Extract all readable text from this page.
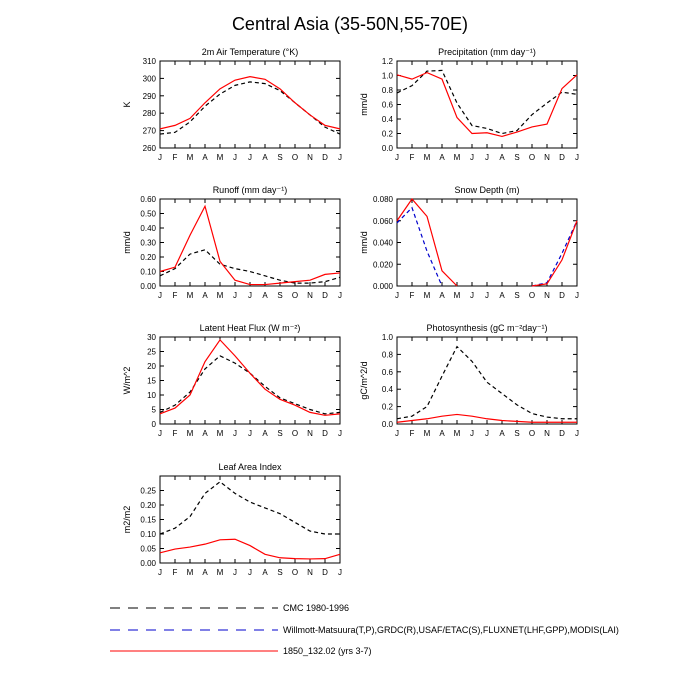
Central Asia (35-50N,55-70E)
2m Air Temperature (°K)
K
260
270
280
290
300
310
J F M A M J J A S O N D J
Precipitation (mm day⁻¹)
mm/d
0.0
0.2
0.4
0.6
0.8
1.0
1.2
J F M A M J J A S O N D J
Runoff (mm day⁻¹)
mm/d
0.00
0.10
0.20
0.30
0.40
0.50
0.60
J F M A M J J A S O N D J
Snow Depth (m)
mm/d
0.000
0.020
0.040
0.060
0.080
J F M A M J J A S O N D J
Latent Heat Flux (W m⁻²)
W/m^2
0
5
10
15
20
25
30
J F M A M J J A S O N D J
Photosynthesis (gC m⁻²day⁻¹)
gC/m^2/d
0.0
0.2
0.4
0.6
0.8
1.0
J F M A M J J A S O N D J
Leaf Area Index
m2/m2
0.00
0.05
0.10
0.15
0.20
0.25
J F M A M J J A S O N D J
CMC 1980-1996
Willmott-Matsuura(T,P),GRDC(R),USAF/ETAC(S),FLUXNET(LHF,GPP),MODIS(LAI)
1850_132.02 (yrs 3-7)
